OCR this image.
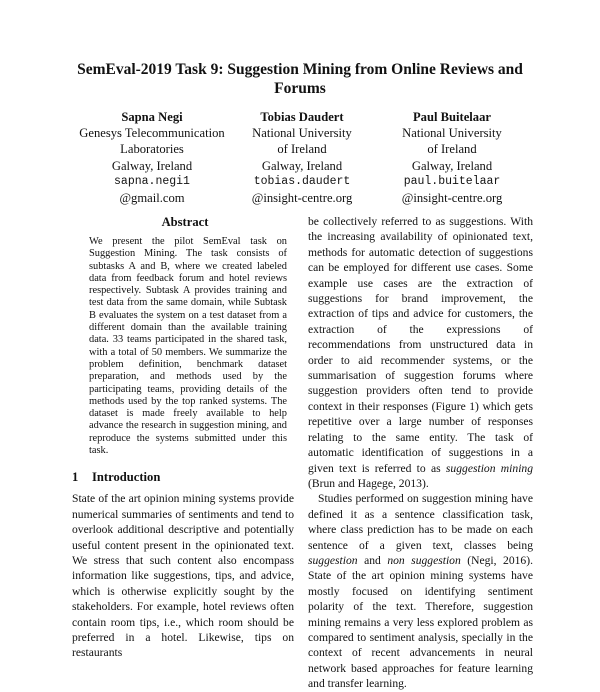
SemEval-2019 Task 9: Suggestion Mining from Online Reviews and Forums
Sapna Negi
Genesys Telecommunication
Laboratories
Galway, Ireland
sapna.negi1
@gmail.com
Tobias Daudert
National University
of Ireland
Galway, Ireland
tobias.daudert
@insight-centre.org
Paul Buitelaar
National University
of Ireland
Galway, Ireland
paul.buitelaar
@insight-centre.org
Abstract

We present the pilot SemEval task on Suggestion Mining. The task consists of subtasks A and B, where we created labeled data from feedback forum and hotel reviews respectively. Subtask A provides training and test data from the same domain, while Subtask B evaluates the system on a test dataset from a different domain than the available training data. 33 teams participated in the shared task, with a total of 50 members. We summarize the problem definition, benchmark dataset preparation, and methods used by the participating teams, providing details of the methods used by the top ranked systems. The dataset is made freely available to help advance the research in suggestion mining, and reproduce the systems submitted under this task.

1 Introduction

State of the art opinion mining systems provide numerical summaries of sentiments and tend to overlook additional descriptive and potentially useful content present in the opinionated text. We stress that such content also encompass information like suggestions, tips, and advice, which is otherwise explicitly sought by the stakeholders. For example, hotel reviews often contain room tips, i.e., which room should be preferred in a hotel. Likewise, tips on restaurants

be collectively referred to as suggestions. With the increasing availability of opinionated text, methods for automatic detection of suggestions can be employed for different use cases. Some example use cases are the extraction of suggestions for brand improvement, the extraction of tips and advice for customers, the extraction of the expressions of recommendations from unstructured data in order to aid recommender systems, or the summarisation of suggestion forums where suggestion providers often tend to provide context in their responses (Figure 1) which gets repetitive over a large number of responses relating to the same entity. The task of automatic identification of suggestions in a given text is referred to as suggestion mining (Brun and Hagege, 2013).

Studies performed on suggestion mining have defined it as a sentence classification task, where class prediction has to be made on each sentence of a given text, classes being suggestion and non suggestion (Negi, 2016). State of the art opinion mining systems have mostly focused on identifying sentiment polarity of the text. Therefore, suggestion mining remains a very less explored problem as compared to sentiment analysis, specially in the context of recent advancements in neural network based approaches for feature learning and transfer learning.
